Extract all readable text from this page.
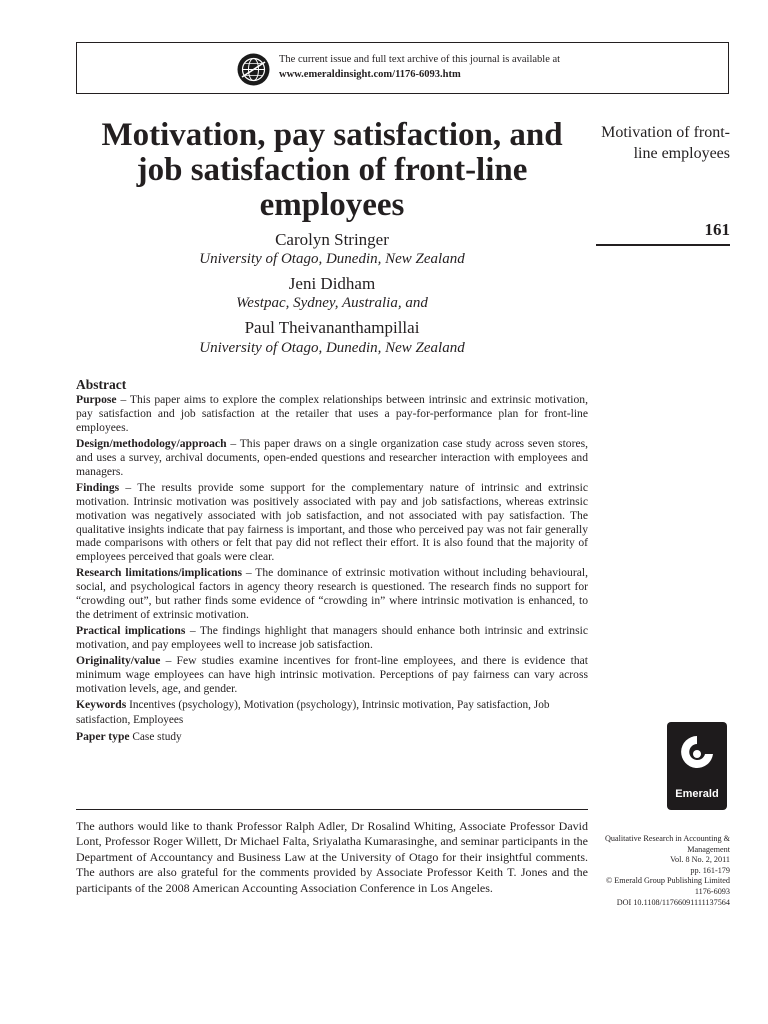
The current issue and full text archive of this journal is available at
www.emeraldinsight.com/1176-6093.htm
Motivation, pay satisfaction, and job satisfaction of front-line employees
Carolyn Stringer
University of Otago, Dunedin, New Zealand
Jeni Didham
Westpac, Sydney, Australia, and
Paul Theivananthampillai
University of Otago, Dunedin, New Zealand
Motivation of front-line employees
161
Abstract

Purpose – This paper aims to explore the complex relationships between intrinsic and extrinsic motivation, pay satisfaction and job satisfaction at the retailer that uses a pay-for-performance plan for front-line employees.

Design/methodology/approach – This paper draws on a single organization case study across seven stores, and uses a survey, archival documents, open-ended questions and researcher interaction with employees and managers.

Findings – The results provide some support for the complementary nature of intrinsic and extrinsic motivation. Intrinsic motivation was positively associated with pay and job satisfactions, whereas extrinsic motivation was negatively associated with job satisfaction, and not associated with pay satisfaction. The qualitative insights indicate that pay fairness is important, and those who perceived pay was not fair generally made comparisons with others or felt that pay did not reflect their effort. It is also found that the majority of employees perceived that goals were clear.

Research limitations/implications – The dominance of extrinsic motivation without including behavioural, social, and psychological factors in agency theory research is questioned. The research finds no support for “crowding out”, but rather finds some evidence of “crowding in” where intrinsic motivation is enhanced, to the detriment of extrinsic motivation.

Practical implications – The findings highlight that managers should enhance both intrinsic and extrinsic motivation, and pay employees well to increase job satisfaction.

Originality/value – Few studies examine incentives for front-line employees, and there is evidence that minimum wage employees can have high intrinsic motivation. Perceptions of pay fairness can vary across motivation levels, age, and gender.

Keywords Incentives (psychology), Motivation (psychology), Intrinsic motivation, Pay satisfaction, Job satisfaction, Employees

Paper type Case study

Emerald

The authors would like to thank Professor Ralph Adler, Dr Rosalind Whiting, Associate Professor David Lont, Professor Roger Willett, Dr Michael Falta, Sriyalatha Kumarasinghe, and seminar participants in the Department of Accountancy and Business Law at the University of Otago for their insightful comments. The authors are also grateful for the comments provided by Associate Professor Keith T. Jones and the participants of the 2008 American Accounting Association Conference in Los Angeles.

Qualitative Research in Accounting &
Management
Vol. 8 No. 2, 2011
pp. 161-179
© Emerald Group Publishing Limited
1176-6093
DOI 10.1108/11766091111137564
